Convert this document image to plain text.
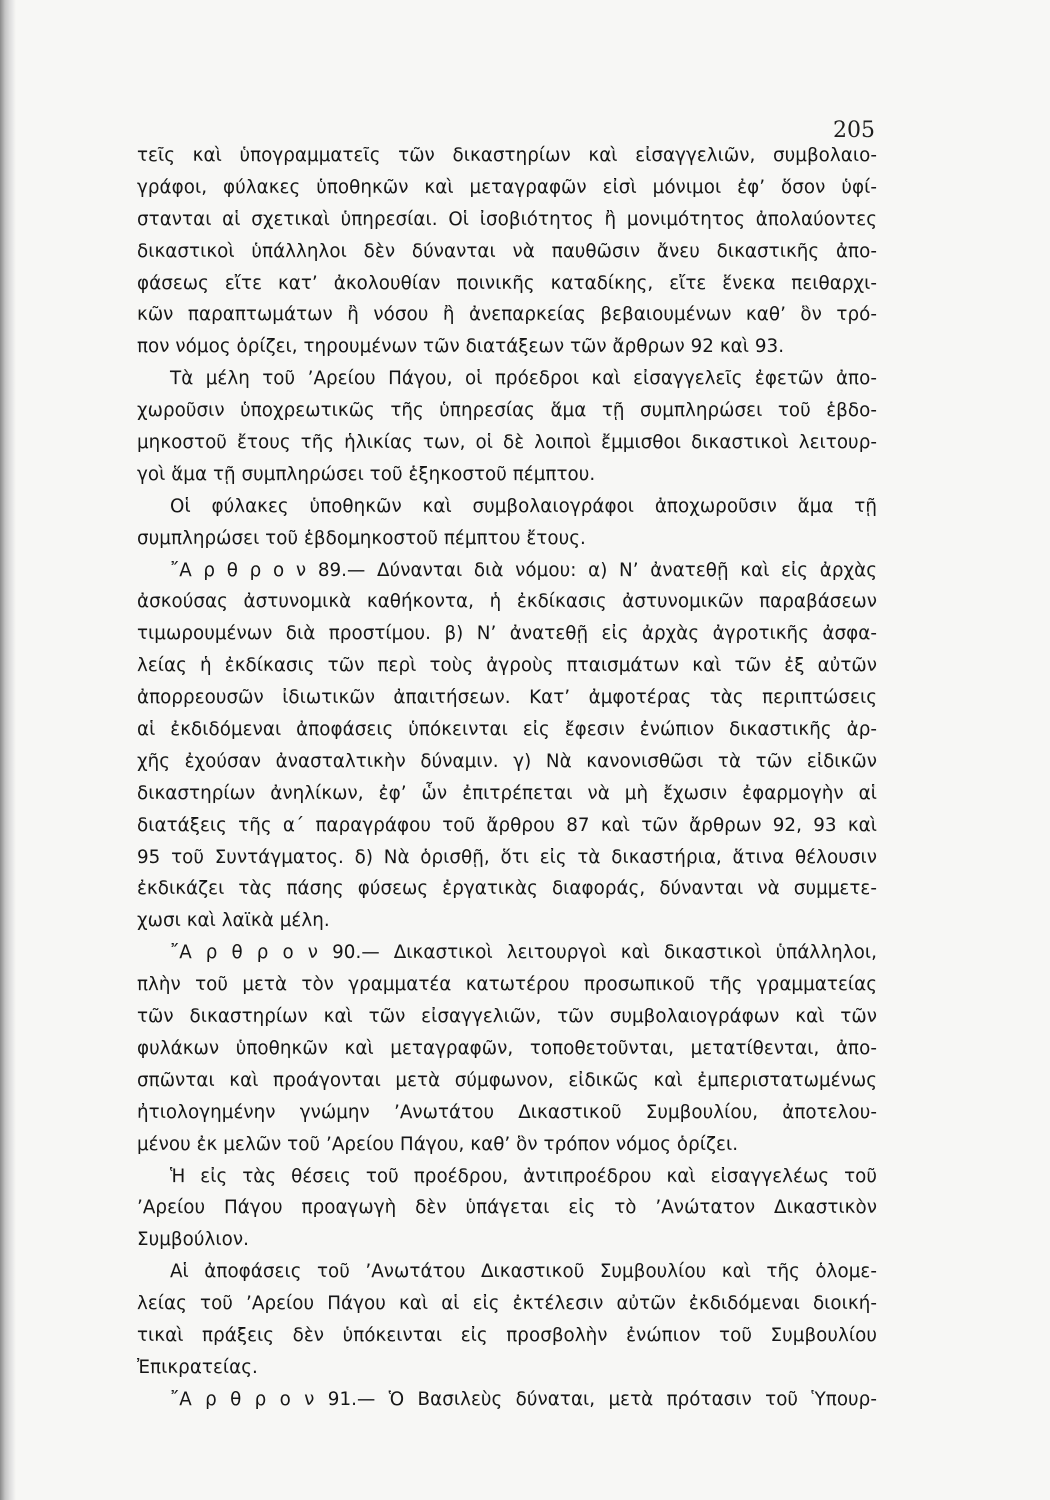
205
τεῖς καὶ ὑπογραμματεῖς τῶν δικαστηρίων καὶ εἰσαγγελιῶν, συμβολαιο-
γράφοι, φύλακες ὑποθηκῶν καὶ μεταγραφῶν εἰσὶ μόνιμοι ἐφ’ ὅσον ὑφί-
στανται αἱ σχετικαὶ ὑπηρεσίαι. Οἱ ἰσοβιότητος ἢ μονιμότητος ἀπολαύοντες
δικαστικοὶ ὑπάλληλοι δὲν δύνανται νὰ παυθῶσιν ἄνευ δικαστικῆς ἀπο-
φάσεως εἴτε κατ’ ἀκολουθίαν ποινικῆς καταδίκης, εἴτε ἕνεκα πειθαρχι-
κῶν παραπτωμάτων ἢ νόσου ἢ ἀνεπαρκείας βεβαιουμένων καθ’ ὃν τρό-
πον νόμος ὁρίζει, τηρουμένων τῶν διατάξεων τῶν ἄρθρων 92 καὶ 93.
Τὰ μέλη τοῦ ’Αρείου Πάγου, οἱ πρόεδροι καὶ εἰσαγγελεῖς ἐφετῶν ἀπο-
χωροῦσιν ὑποχρεωτικῶς τῆς ὑπηρεσίας ἅμα τῇ συμπληρώσει τοῦ ἑβδο-
μηκοστοῦ ἔτους τῆς ἡλικίας των, οἱ δὲ λοιποὶ ἔμμισθοι δικαστικοὶ λειτουρ-
γοὶ ἅμα τῇ συμπληρώσει τοῦ ἑξηκοστοῦ πέμπτου.
Οἱ φύλακες ὑποθηκῶν καὶ συμβολαιογράφοι ἀποχωροῦσιν ἅμα τῇ
συμπληρώσει τοῦ ἑβδομηκοστοῦ πέμπτου ἔτους.
῎Α ρ θ ρ ο ν 89.— Δύνανται διὰ νόμου: α) Ν’ ἀνατεθῇ καὶ εἰς ἀρχὰς
ἀσκούσας ἀστυνομικὰ καθήκοντα, ἡ ἐκδίκασις ἀστυνομικῶν παραβάσεων
τιμωρουμένων διὰ προστίμου. β) Ν’ ἀνατεθῇ εἰς ἀρχὰς ἀγροτικῆς ἀσφα-
λείας ἡ ἐκδίκασις τῶν περὶ τοὺς ἀγροὺς πταισμάτων καὶ τῶν ἐξ αὐτῶν
ἀπορρεουσῶν ἰδιωτικῶν ἀπαιτήσεων. Κατ’ ἀμφοτέρας τὰς περιπτώσεις
αἱ ἐκδιδόμεναι ἀποφάσεις ὑπόκεινται εἰς ἔφεσιν ἐνώπιον δικαστικῆς ἀρ-
χῆς ἐχούσαν ἀνασταλτικὴν δύναμιν. γ) Νὰ κανονισθῶσι τὰ τῶν εἰδικῶν
δικαστηρίων ἀνηλίκων, ἐφ’ ὧν ἐπιτρέπεται νὰ μὴ ἔχωσιν ἐφαρμογὴν αἱ
διατάξεις τῆς α΄ παραγράφου τοῦ ἄρθρου 87 καὶ τῶν ἄρθρων 92, 93 καὶ
95 τοῦ Συντάγματος. δ) Νὰ ὁρισθῇ, ὅτι εἰς τὰ δικαστήρια, ἅτινα θέλουσιν
ἐκδικάζει τὰς πάσης φύσεως ἐργατικὰς διαφοράς, δύνανται νὰ συμμετε-
χωσι καὶ λαϊκὰ μέλη.
῎Α ρ θ ρ ο ν 90.— Δικαστικοὶ λειτουργοὶ καὶ δικαστικοὶ ὑπάλληλοι,
πλὴν τοῦ μετὰ τὸν γραμματέα κατωτέρου προσωπικοῦ τῆς γραμματείας
τῶν δικαστηρίων καὶ τῶν εἰσαγγελιῶν, τῶν συμβολαιογράφων καὶ τῶν
φυλάκων ὑποθηκῶν καὶ μεταγραφῶν, τοποθετοῦνται, μετατίθενται, ἀπο-
σπῶνται καὶ προάγονται μετὰ σύμφωνον, εἰδικῶς καὶ ἐμπεριστατωμένως
ἠτιολογημένην γνώμην ’Ανωτάτου Δικαστικοῦ Συμβουλίου, ἀποτελου-
μένου ἐκ μελῶν τοῦ ’Αρείου Πάγου, καθ’ ὃν τρόπον νόμος ὁρίζει.
Ἡ εἰς τὰς θέσεις τοῦ προέδρου, ἀντιπροέδρου καὶ εἰσαγγελέως τοῦ
’Αρείου Πάγου προαγωγὴ δὲν ὑπάγεται εἰς τὸ ’Ανώτατον Δικαστικὸν
Συμβούλιον.
Αἱ ἀποφάσεις τοῦ ’Ανωτάτου Δικαστικοῦ Συμβουλίου καὶ τῆς ὁλομε-
λείας τοῦ ’Αρείου Πάγου καὶ αἱ εἰς ἐκτέλεσιν αὐτῶν ἐκδιδόμεναι διοική-
τικαὶ πράξεις δὲν ὑπόκεινται εἰς προσβολὴν ἐνώπιον τοῦ Συμβουλίου
Ἐπικρατείας.
῎Α ρ θ ρ ο ν 91.— Ὁ Βασιλεὺς δύναται, μετὰ πρότασιν τοῦ Ὑπουρ-
